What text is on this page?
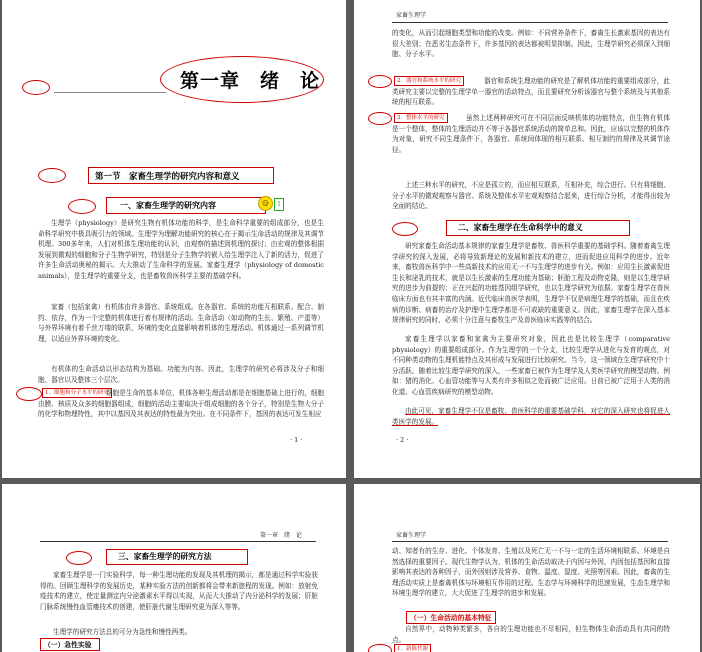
第一章　绪　论
第一节　家畜生理学的研究内容和意义
一、家畜生理学的研究内容	☺	1

生理学（physiology）是研究生物有机体功能的科学，是生命科学重要的组成部分，也是生命科学研究中极具吸引力的领域。生理学为理解功能研究的核心在于揭示生命活动的规律及其调节机理。300多年来，人们对机体生理功能的认识，由观察的描述到机理的探讨；由宏观的整体根据发展到微观的细胞和分子生物学研究，特别是分子生物学的嵌入给生理学注入了新的活力，促进了许多生命活动奥秘的揭示。大大推动了生命科学的发展。家畜生理学（physiology of domestic animals），是生理学的重要分支，也是畜牧兽医科学主要的基础学科。

家畜（包括家禽）有机体由许多器官、系统组成。在各器官、系统的功能互相联系、配合、制约、依存，作为一个完整的机体进行着有规律的活动。生命活动（如动物的生长、繁殖、产蛋等）与外界环境有着千丝万缕的联系，环境的变化直接影响着机体的生理活动。机体通过一系列调节机理，以适应外界环境的变化。

有机体的生命活动以形态结构为基础。功能为内容。因此，生理学的研究必将涉及分子和细胞、器官以及整体三个层次。

1．细胞和分子水平的研究

细胞是生命的基本单位，机体各种生理活动都是在细胞基础上进行的，细胞由膜、核质及众多的细胞器组成，细胞的活动主要取决于组成细胞的各个分子，特别是生物大分子的化学和物理特性，其中以基因及其表达的特性最为突出。在不同条件下，基因的表达可发生相应

· 1 ·
家畜生理学

的变化，从而引起细胞类型和功能的改变。例如：不同营养条件下，畜禽生长激素基因的表达有很大差别；在恶劣生态条件下，许多基因的表达都被明显抑制。因此，生理学研究必须深入到细胞、分子水平。

2．器官和系统水平的研究	器官和系统生理功能的研究是了解机体功能的重要组成部分，此类研究主要以完整的生理学单一器官的活动特点，而且要研究分析该器官与整个系统及与其他系统的相互联系。

3．整体水平的研究	虽然上述两种研究可在不同层面反映机体的功能特点，但生物有机体是一个整体，整体的生理活动并不等于各器官系统活动的简单总和。因此，应该以完整的机体作为对象，研究不同生理条件下，各器官、系统间体现的相互联系、相互制约的规律及其调节途径。

上述三种水平的研究，不应是孤立的，而应相互联系，互相补充，综合进行。只有将细胞、分子水平的微观观察与器官、系统及整体水平宏观观察结合起来，进行综合分析，才能得出较为全面的结论。

二、家畜生理学在生命科学中的意义

研究家畜生命活动基本规律的家畜生理学是畜牧、兽医科学重要的基础学科。随着畜禽生理学研究的深入发展，必将导致新理论的发展和新技术的建立，进而促进应用科学的进步。近年来，畜牧兽医科学中一些高新技术的应用无一不与生理学的进步有关。例如：应用生长激素促进生长和泌乳的技术，就是以生长激素的生理功能为基础；胚胎工程及动物克隆，则是以生理学研究的进步为前提的；正在兴起的功能基因组学研究，也以生理学研究为依据。家畜生理学在兽医临床方面也有其丰富的内涵。近代临床兽医学表明，生理学不仅是病理生理学的基础，而且在疾病的诊断、病畜的治疗及护理中生理学都是不可或缺的重要意义。因此，家畜生理学在深入基本规律研究的同时，必须十分注意与畜牧生产及兽医临床实践等的结合。

家畜生理学以家畜和家禽为主要研究对象，因此也是比较生理学（comparative physiology）的重要组成部分。作为生理学的一个分支，比较生理学从进化与发育的观点，对不同种类动物的生理机能特点及其形成与发展进行比较研究。当今，这一领域在生理学研究中十分活跃。随着比较生理学研究的深入，一些家畜已被作为生理学及人类医学研究的模型动物。例如：猪的消化、心血管功能等与人类有许多相似之处而被广泛应用。日前已被广泛用于人类的消化道、心血管疾病研究的模型动物。

由此可见，家畜生理学不仅是畜牧、兽医科学的重要基础学科，对它的深入研究也将促进人类医学的发展。

· 2 ·
第一章　绪　论
三、家畜生理学的研究方法

家畜生理学是一门实验科学，每一种生理功能的发现及其机理的揭示，都是通过科学实验获得的。回顾生理科学的发展历史，某种实验方法的创新都将会带来新旅程的发现。例如：放射免疫技术的建立，使定量测定内分泌激素水平得以实现，从而大大推动了内分泌科学的发展；肝脏门脉系统慢性血管瘘技术的创建，使肝脏代谢生理研究更为深入等等。

生理学的研究方法总的可分为急性和慢性两类。

（一）急性实验
家畜生理学

动、知者有的生存、进化、个体发育、生殖以及死亡无一不与一定的生活环境相联系。环境是自然选择的重要因子。现代生物学认为，机体的生命活动取决于内因与外因，内因包括基因和直接影响其表达的各种因子，而外因则涉及营养、食物、温度、湿度、光照等因素。因此，畜禽的生理活动实质上是畜禽机体与环境相互作用的过程。生态学与环境科学的迅速发展，生态生理学和环境生理学的建立，大大促进了生理学的进步和发展。

（一）生命活动的基本特征

自然界中，动物种类繁多，各自的生理功能也不尽相同，但生物体生命活动具有共同的特点。

1．新陈代谢
